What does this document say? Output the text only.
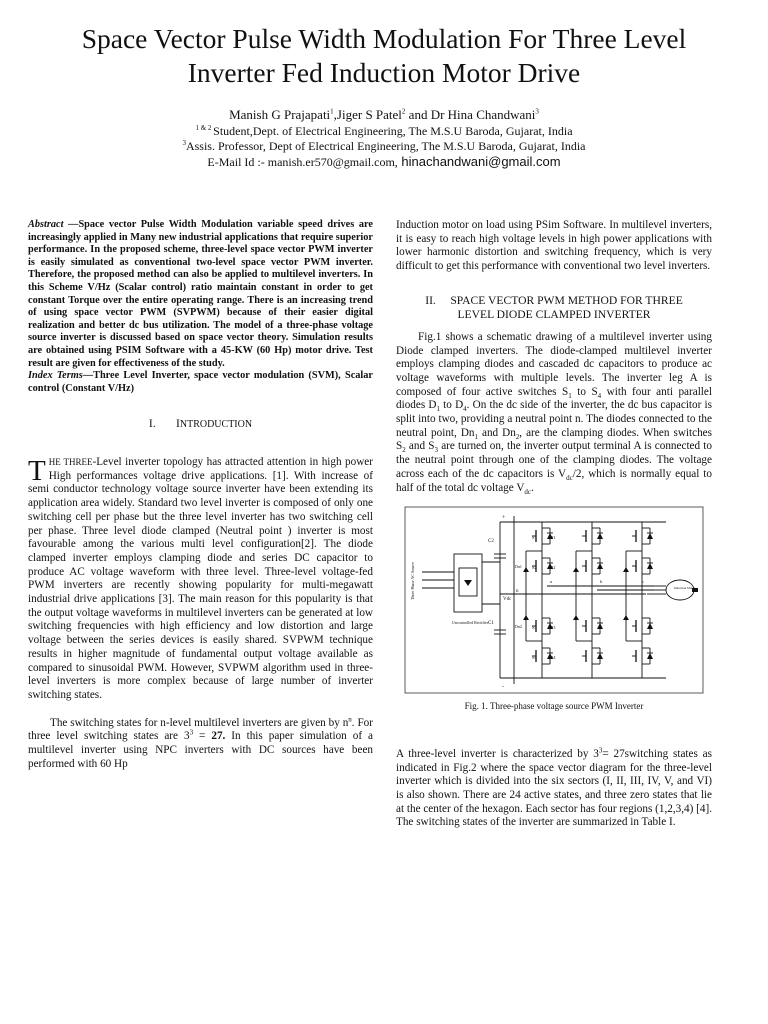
Space Vector Pulse Width Modulation For Three Level Inverter Fed Induction Motor Drive
Manish G Prajapati$^1$,Jiger S Patel$^2$ and Dr Hina Chandwani$^3$
$^{1 \& 2}$ Student,Dept. of Electrical Engineering, The M.S.U Baroda, Gujarat, India
$^3$Assis. Professor, Dept of Electrical Engineering, The M.S.U Baroda, Gujarat, India
E-Mail Id :- manish.er570@gmail.com, hinachandwani@gmail.com

Abstract —Space vector Pulse Width Modulation variable speed drives are increasingly applied in Many new industrial applications that require superior performance. In the proposed scheme, three-level space vector PWM inverter is easily simulated as conventional two-level space vector PWM inverter. Therefore, the proposed method can also be applied to multilevel inverters. In this Scheme V/Hz (Scalar control) ratio maintain constant in order to get constant Torque over the entire operating range. There is an increasing trend of using space vector PWM (SVPWM) because of their easier digital realization and better dc bus utilization. The model of a three-phase voltage source inverter is discussed based on space vector theory. Simulation results are obtained using PSIM Software with a 45-KW (60 Hp) motor drive. Test result are given for effectiveness of the study.

Index Terms—Three Level Inverter, space vector modulation (SVM), Scalar control (Constant V/Hz)

I. INTRODUCTION

THE THREE-Level inverter topology has attracted attention in high power High performances voltage drive applications. [1]. With increase of semi conductor technology voltage source inverter have been extending its application area widely. Standard two level inverter is composed of only one switching cell per phase but the three level inverter has two switching cell per phase. Three level diode clamped (Neutral point ) inverter is most favourable among the various multi level configuration[2]. The diode clamped inverter employs clamping diode and series DC capacitor to produce AC voltage waveform with three level. Three-level voltage-fed PWM inverters are recently showing popularity for multi-megawatt industrial drive applications [3]. The main reason for this popularity is that the output voltage waveforms in multilevel inverters can be generated at low switching frequencies with high efficiency and low distortion and large voltage between the series devices is easily shared. SVPWM technique results in higher magnitude of fundamental output voltage available as compared to sinusoidal PWM. However, SVPWM algorithm used in three-level inverters is more complex because of large number of inverter switching states.

The switching states for n-level multilevel inverters are given by $n^n$. For three level switching states are $3^3 = 27$. In this paper simulation of a multilevel inverter using NPC inverters with DC sources have been performed with 60 Hp

Induction motor on load using PSim Software. In multilevel inverters, it is easy to reach high voltage levels in high power applications with lower harmonic distortion and switching frequency, which is very difficult to get this performance with conventional two level inverters.

II. SPACE VECTOR PWM METHOD FOR THREE
LEVEL DIODE CLAMPED INVERTER

Fig.1 shows a schematic drawing of a multilevel inverter using Diode clamped inverters. The diode-clamped multilevel inverter employs clamping diodes and cascaded dc capacitors to produce ac voltage waveforms with multiple levels. The inverter leg A is composed of four active switches $S_1$ to $S_4$ with four anti parallel diodes $D_1$ to $D_4$. On the dc side of the inverter, the dc bus capacitor is split into two, providing a neutral point n. The diodes connected to the neutral point, $Dn_1$ and $Dn_2$, are the clamping diodes. When switches $S_2$ and $S_3$ are turned on, the inverter output terminal A is connected to the neutral point through one of the clamping diodes. The voltage across each of the dc capacitors is $V_{dc}/2$, which is normally equal to half of the total dc voltage $V_{dc}$.

Three Phase AC Source
Uncontrolled Rectifier
+
-
n
Vdc
C2
C1
S1	D1
S2	D2
S3	D3
S4	D4
Dn1
Dn2
a	b	c
Induction Motor
Fig. 1. Three-phase voltage source PWM Inverter

A three-level inverter is characterized by $3^3=$ 27switching states as indicated in Fig.2 where the space vector diagram for the three-level inverter which is divided into the six sectors (I, II, III, IV, V, and VI) is also shown. There are 24 active states, and three zero states that lie at the center of the hexagon. Each sector has four regions (1,2,3,4) [4]. The switching states of the inverter are summarized in Table I.
